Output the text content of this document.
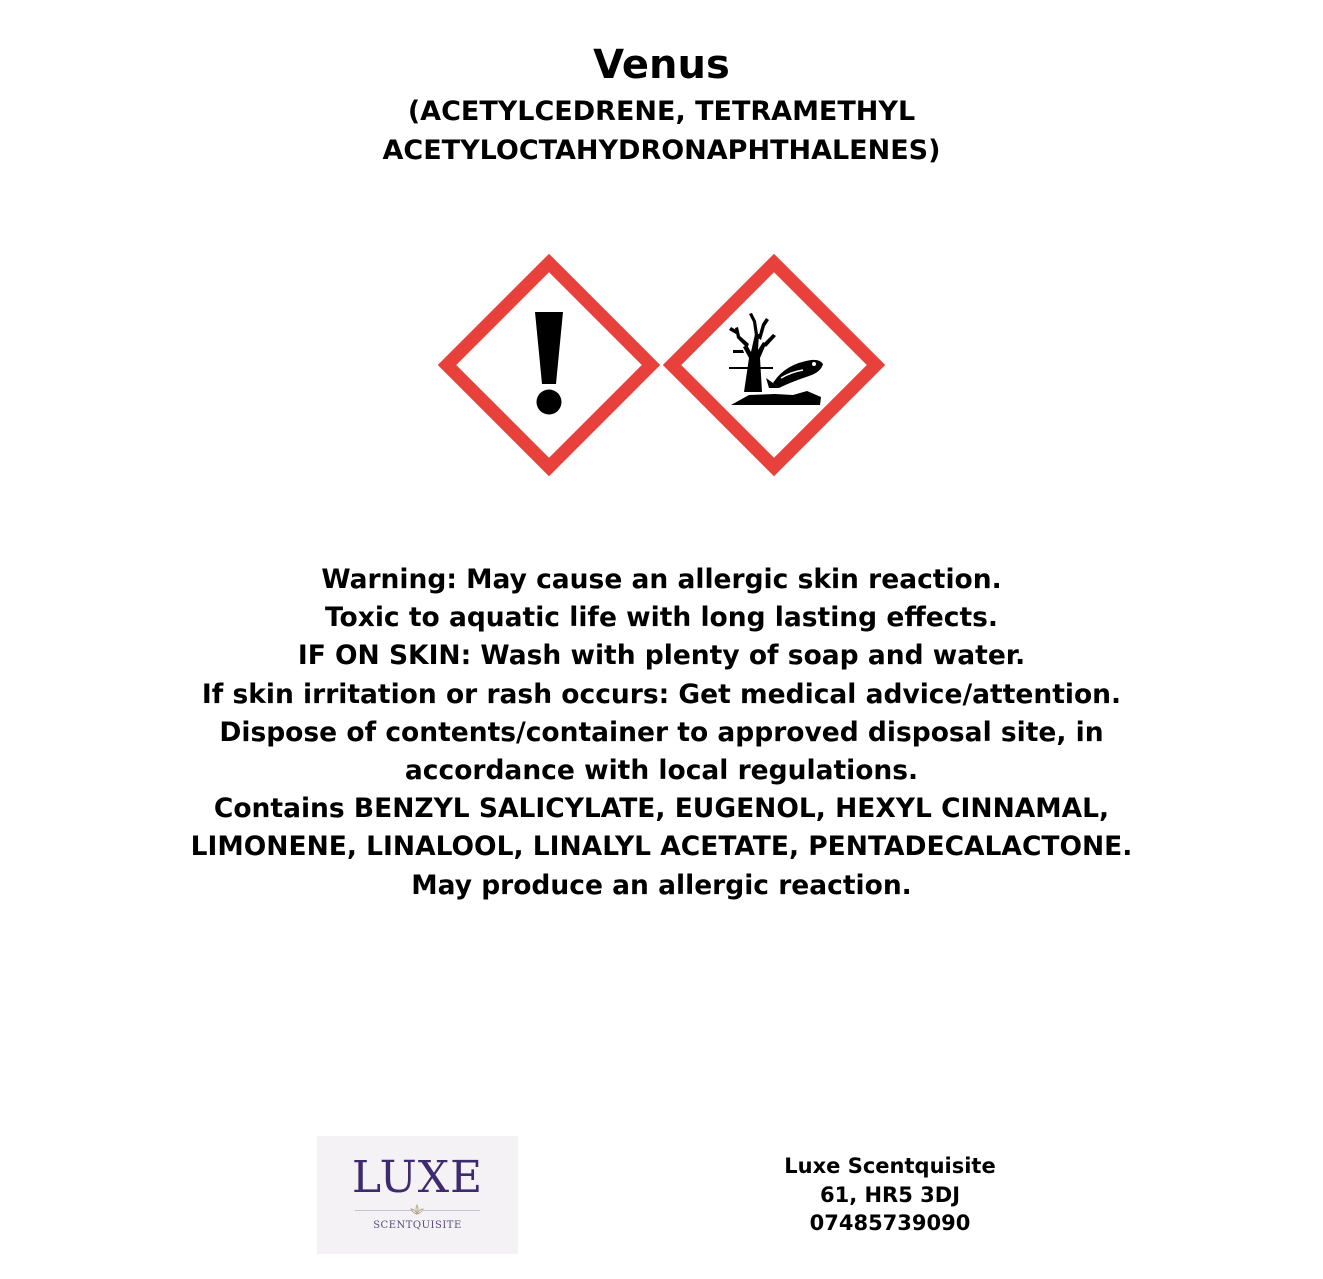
Venus
(ACETYLCEDRENE, TETRAMETHYL
ACETYLOCTAHYDRONAPHTHALENES)
Warning: May cause an allergic skin reaction.
Toxic to aquatic life with long lasting effects.
IF ON SKIN: Wash with plenty of soap and water.
If skin irritation or rash occurs: Get medical advice/attention.
Dispose of contents/container to approved disposal site, in
accordance with local regulations.
Contains BENZYL SALICYLATE, EUGENOL, HEXYL CINNAMAL,
LIMONENE, LINALOOL, LINALYL ACETATE, PENTADECALACTONE.
May produce an allergic reaction.
LUXE
SCENTQUISITE
Luxe Scentquisite
61, HR5 3DJ
07485739090
